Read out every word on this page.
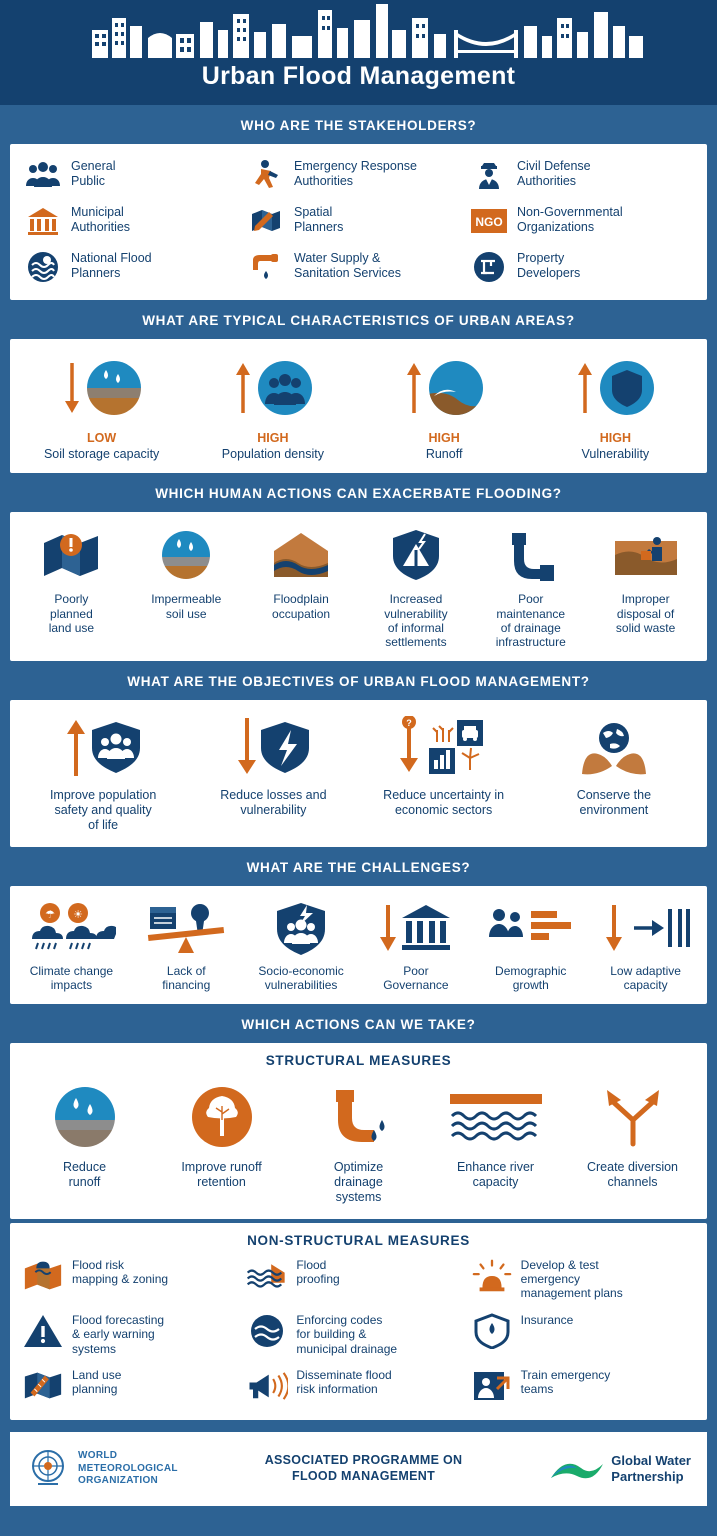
Urban Flood Management
WHO ARE THE STAKEHOLDERS?
General
Public
Emergency Response
Authorities
Civil Defense
Authorities
Municipal
Authorities
Spatial
Planners	NGO
Non-Governmental
Organizations
National Flood
Planners
Water Supply &
Sanitation Services
Property
Developers
WHAT ARE TYPICAL CHARACTERISTICS OF URBAN AREAS?
LOW
Soil storage capacity
HIGH
Population density
HIGH
Runoff
HIGH
Vulnerability
WHICH HUMAN ACTIONS CAN EXACERBATE FLOODING?
Poorly
planned
land use
Impermeable
soil use
Floodplain
occupation
Increased
vulnerability
of informal
settlements
Poor
maintenance
of drainage
infrastructure
Improper
disposal of
solid waste
WHAT ARE THE OBJECTIVES OF URBAN FLOOD MANAGEMENT?
Improve population
safety and quality
of life
Reduce losses and
vulnerability
?
Reduce uncertainty in
economic sectors
Conserve the
environment
WHAT ARE THE CHALLENGES?
☂ ☀
Climate change
impacts
Lack of
financing
Socio-economic
vulnerabilities
Poor
Governance
Demographic
growth
Low adaptive
capacity
WHICH ACTIONS CAN WE TAKE?
STRUCTURAL MEASURES
Reduce
runoff
Improve runoff
retention
Optimize
drainage
systems
Enhance river
capacity
Create diversion
channels
NON-STRUCTURAL MEASURES
Flood risk
mapping & zoning
Flood
proofing
Develop & test
emergency
management plans
Flood forecasting
& early warning
systems
Enforcing codes
for building &
municipal drainage
Insurance
Land use
planning
Disseminate flood
risk information
Train emergency
teams
WORLD
METEOROLOGICAL
ORGANIZATION
ASSOCIATED PROGRAMME ON
FLOOD MANAGEMENT
Global Water
Partnership
